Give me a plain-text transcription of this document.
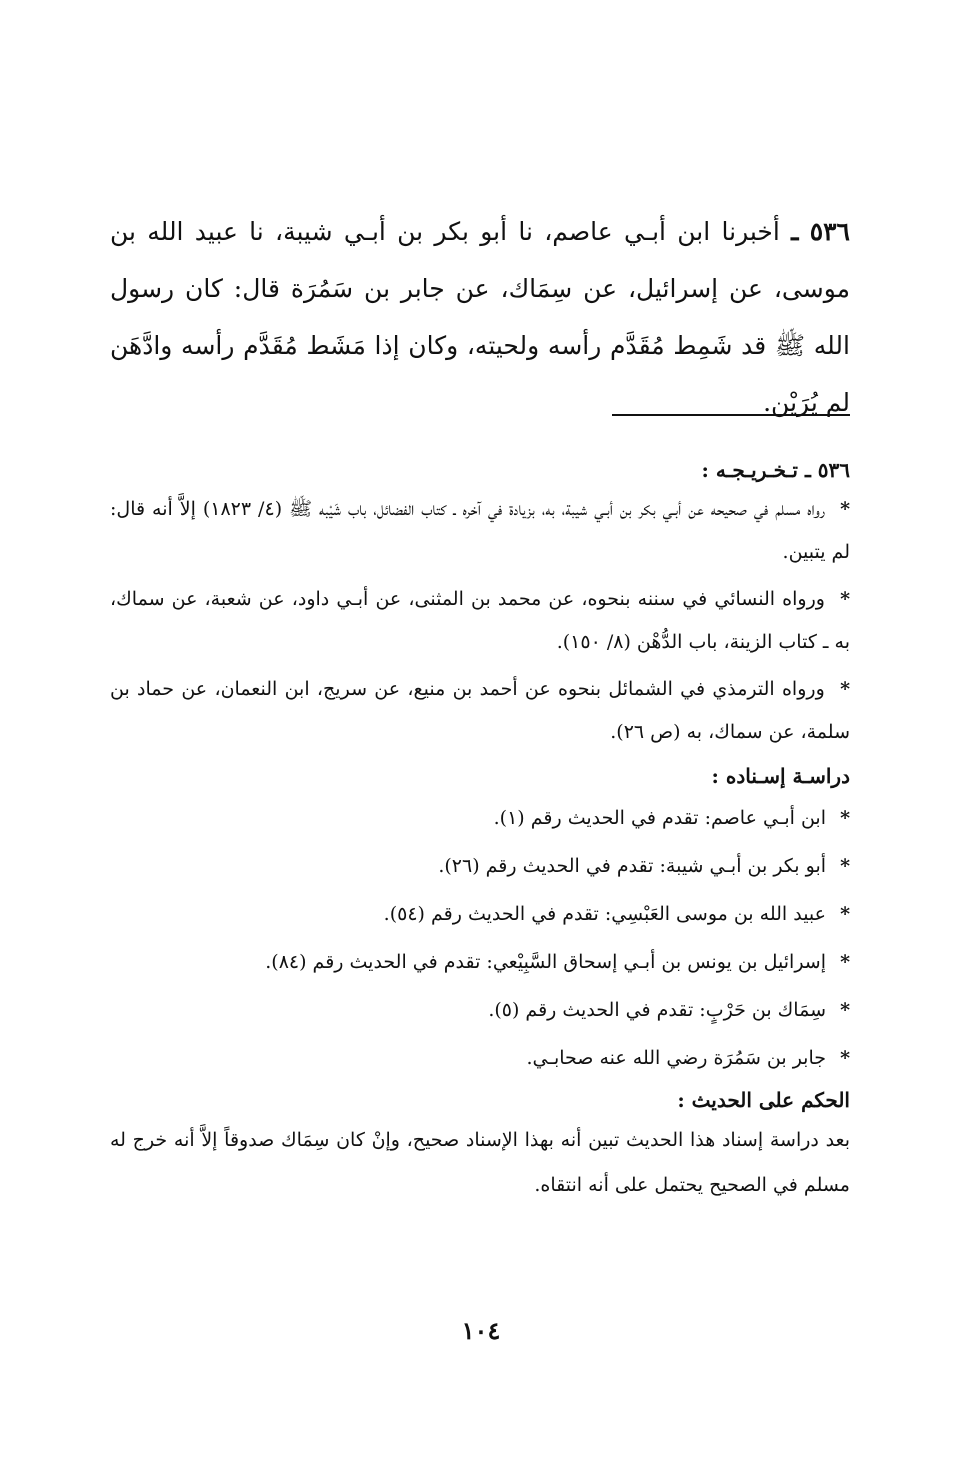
٥٣٦ ـ أخبرنا ابن أبـي عاصم، نا أبو بكر بن أبـي شيبة، نا عبيد الله بن موسى، عن إسرائيل، عن سِمَاك، عن جابر بن سَمُرَة قال: كان رسول الله ﷺ قد شَمِط مُقَدَّم رأسه ولحيته، وكان إذا مَشَط مُقَدَّم رأسه وادَّهَن لم يُرَيْن.

٥٣٦ ـ تـخـريـجـه :

* رواه مسلم في صحيحه عن أبـي بكر بن أبـي شيبة، به، بزيادة في آخره ـ كتاب الفضائل، باب شَيْبه ﷺ (٤/ ١٨٢٣) إلاَّ أنه قال: لم يتبين.

* ورواه النسائي في سننه بنحوه، عن محمد بن المثنى، عن أبـي داود، عن شعبة، عن سماك، به ـ كتاب الزينة، باب الدُّهْن (٨/ ١٥٠).

* ورواه الترمذي في الشمائل بنحوه عن أحمد بن منيع، عن سريج، ابن النعمان، عن حماد بن سلمة، عن سماك، به (ص ٢٦).

دراسـة إسـناده :

* ابن أبـي عاصم: تقدم في الحديث رقم (١).
* أبو بكر بن أبـي شيبة: تقدم في الحديث رقم (٢٦).
* عبيد الله بن موسى العَبْسِي: تقدم في الحديث رقم (٥٤).
* إسرائيل بن يونس بن أبـي إسحاق السَّبِيْعي: تقدم في الحديث رقم (٨٤).
* سِمَاك بن حَرْبٍ: تقدم في الحديث رقم (٥).
* جابر بن سَمُرَة رضي الله عنه صحابـي.

الحكم على الحديث :

بعد دراسة إسناد هذا الحديث تبين أنه بهذا الإسناد صحيح، وإنْ كان سِمَاك صدوقاً إلاَّ أنه خرج له مسلم في الصحيح يحتمل على أنه انتقاه.

١٠٤
